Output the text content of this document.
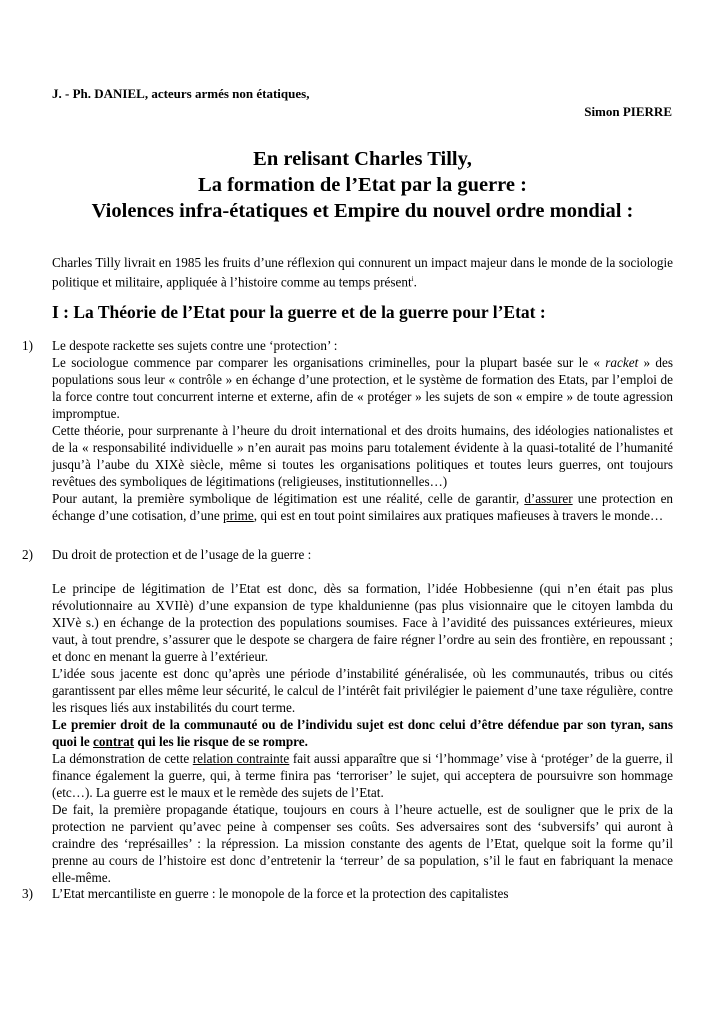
J. - Ph. DANIEL, acteurs armés non étatiques,
Simon PIERRE
En relisant Charles Tilly,
La formation de l’Etat par la guerre :
Violences infra-étatiques et Empire du nouvel ordre mondial :
Charles Tilly livrait en 1985 les fruits d’une réflexion qui connurent un impact majeur dans le monde de la sociologie politique et militaire, appliquée à l’histoire comme au temps présent$^i$.
I : La Théorie de l’Etat pour la guerre et de la guerre pour l’Etat :
1) Le despote rackette ses sujets contre une ‘protection’ :

Le sociologue commence par comparer les organisations criminelles, pour la plupart basée sur le « racket » des populations sous leur « contrôle » en échange d’une protection, et le système de formation des Etats, par l’emploi de la force contre tout concurrent interne et externe, afin de « protéger » les sujets de son « empire » de toute agression impromptue.

Cette théorie, pour surprenante à l’heure du droit international et des droits humains, des idéologies nationalistes et de la « responsabilité individuelle » n’en aurait pas moins paru totalement évidente à la quasi-totalité de l’humanité jusqu’à l’aube du XIXè siècle, même si toutes les organisations politiques et toutes leurs guerres, ont toujours revêtues des symboliques de légitimations (religieuses, institutionnelles…)

Pour autant, la première symbolique de légitimation est une réalité, celle de garantir, d’assurer une protection en échange d’une cotisation, d’une prime, qui est en tout point similaires aux pratiques mafieuses à travers le monde…

2) Du droit de protection et de l’usage de la guerre :

Le principe de légitimation de l’Etat est donc, dès sa formation, l’idée Hobbesienne (qui n’en était pas plus révolutionnaire au XVIIè) d’une expansion de type khaldunienne (pas plus visionnaire que le citoyen lambda du XIVè s.) en échange de la protection des populations soumises. Face à l’avidité des puissances extérieures, mieux vaut, à tout prendre, s’assurer que le despote se chargera de faire régner l’ordre au sein des frontière, en repoussant ; et donc en menant la guerre à l’extérieur.

L’idée sous jacente est donc qu’après une période d’instabilité généralisée, où les communautés, tribus ou cités garantissent par elles même leur sécurité, le calcul de l’intérêt fait privilégier le paiement d’une taxe régulière, contre les risques liés aux instabilités du court terme.

Le premier droit de la communauté ou de l’individu sujet est donc celui d’être défendue par son tyran, sans quoi le contrat qui les lie risque de se rompre.

La démonstration de cette relation contrainte fait aussi apparaître que si ‘l’hommage’ vise à ‘protéger’ de la guerre, il finance également la guerre, qui, à terme finira pas ‘terroriser’ le sujet, qui acceptera de poursuivre son hommage (etc…). La guerre est le maux et le remède des sujets de l’Etat.

De fait, la première propagande étatique, toujours en cours à l’heure actuelle, est de souligner que le prix de la protection ne parvient qu’avec peine à compenser ses coûts. Ses adversaires sont des ‘subversifs’ qui auront à craindre des ‘représailles’ : la répression. La mission constante des agents de l’Etat, quelque soit la forme qu’il prenne au cours de l’histoire est donc d’entretenir la ‘terreur’ de sa population, s’il le faut en fabriquant la menace elle-même.

3) L’Etat mercantiliste en guerre : le monopole de la force et la protection des capitalistes
